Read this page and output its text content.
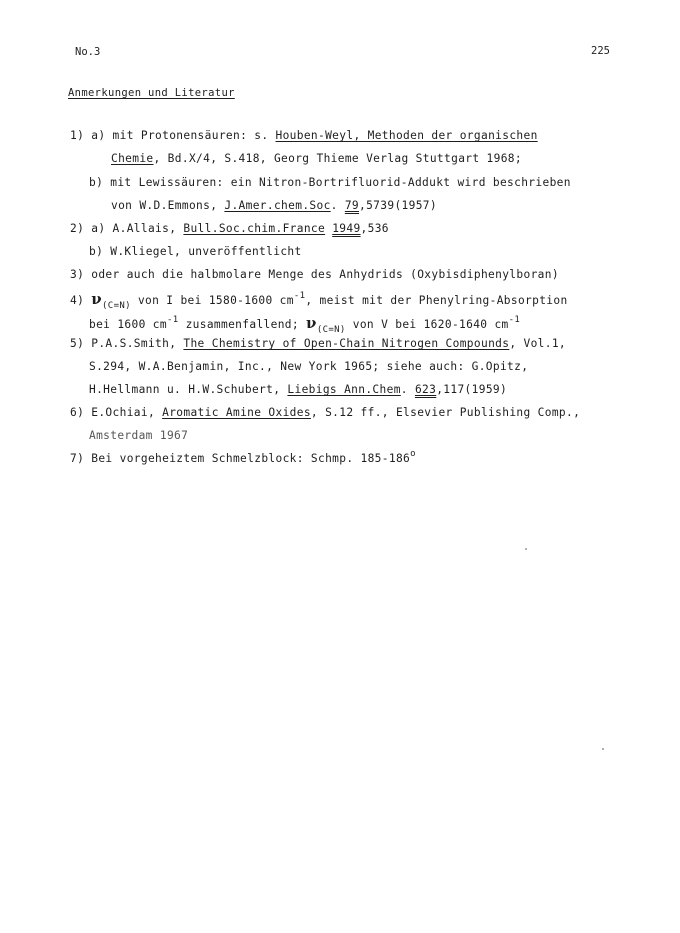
No.3	225
Anmerkungen und Literatur
1) a) mit Protonensäuren: s. Houben-Weyl, Methoden der organischen
Chemie, Bd.X/4, S.418, Georg Thieme Verlag Stuttgart 1968;
b) mit Lewissäuren: ein Nitron-Bortrifluorid-Addukt wird beschrieben
von W.D.Emmons, J.Amer.chem.Soc. 79,5739(1957)
2) a) A.Allais, Bull.Soc.chim.France 1949,536
b) W.Kliegel, unveröffentlicht
3) oder auch die halbmolare Menge des Anhydrids (Oxybisdiphenylboran)
4) $\nu_{(C=N)}$ von I bei 1580-1600 $cm^{-1}$, meist mit der Phenylring-Absorption
bei 1600 $cm^{-1}$ zusammenfallend; $\nu_{(C=N)}$ von V bei 1620-1640 $cm^{-1}$
5) P.A.S.Smith, The Chemistry of Open-Chain Nitrogen Compounds, Vol.1,
S.294, W.A.Benjamin, Inc., New York 1965; siehe auch: G.Opitz,
H.Hellmann u. H.W.Schubert, Liebigs Ann.Chem. 623,117(1959)
6) E.Ochiai, Aromatic Amine Oxides, S.12 ff., Elsevier Publishing Comp.,
Amsterdam 1967
7) Bei vorgeheiztem Schmelzblock: Schmp. 185-186$^o$
